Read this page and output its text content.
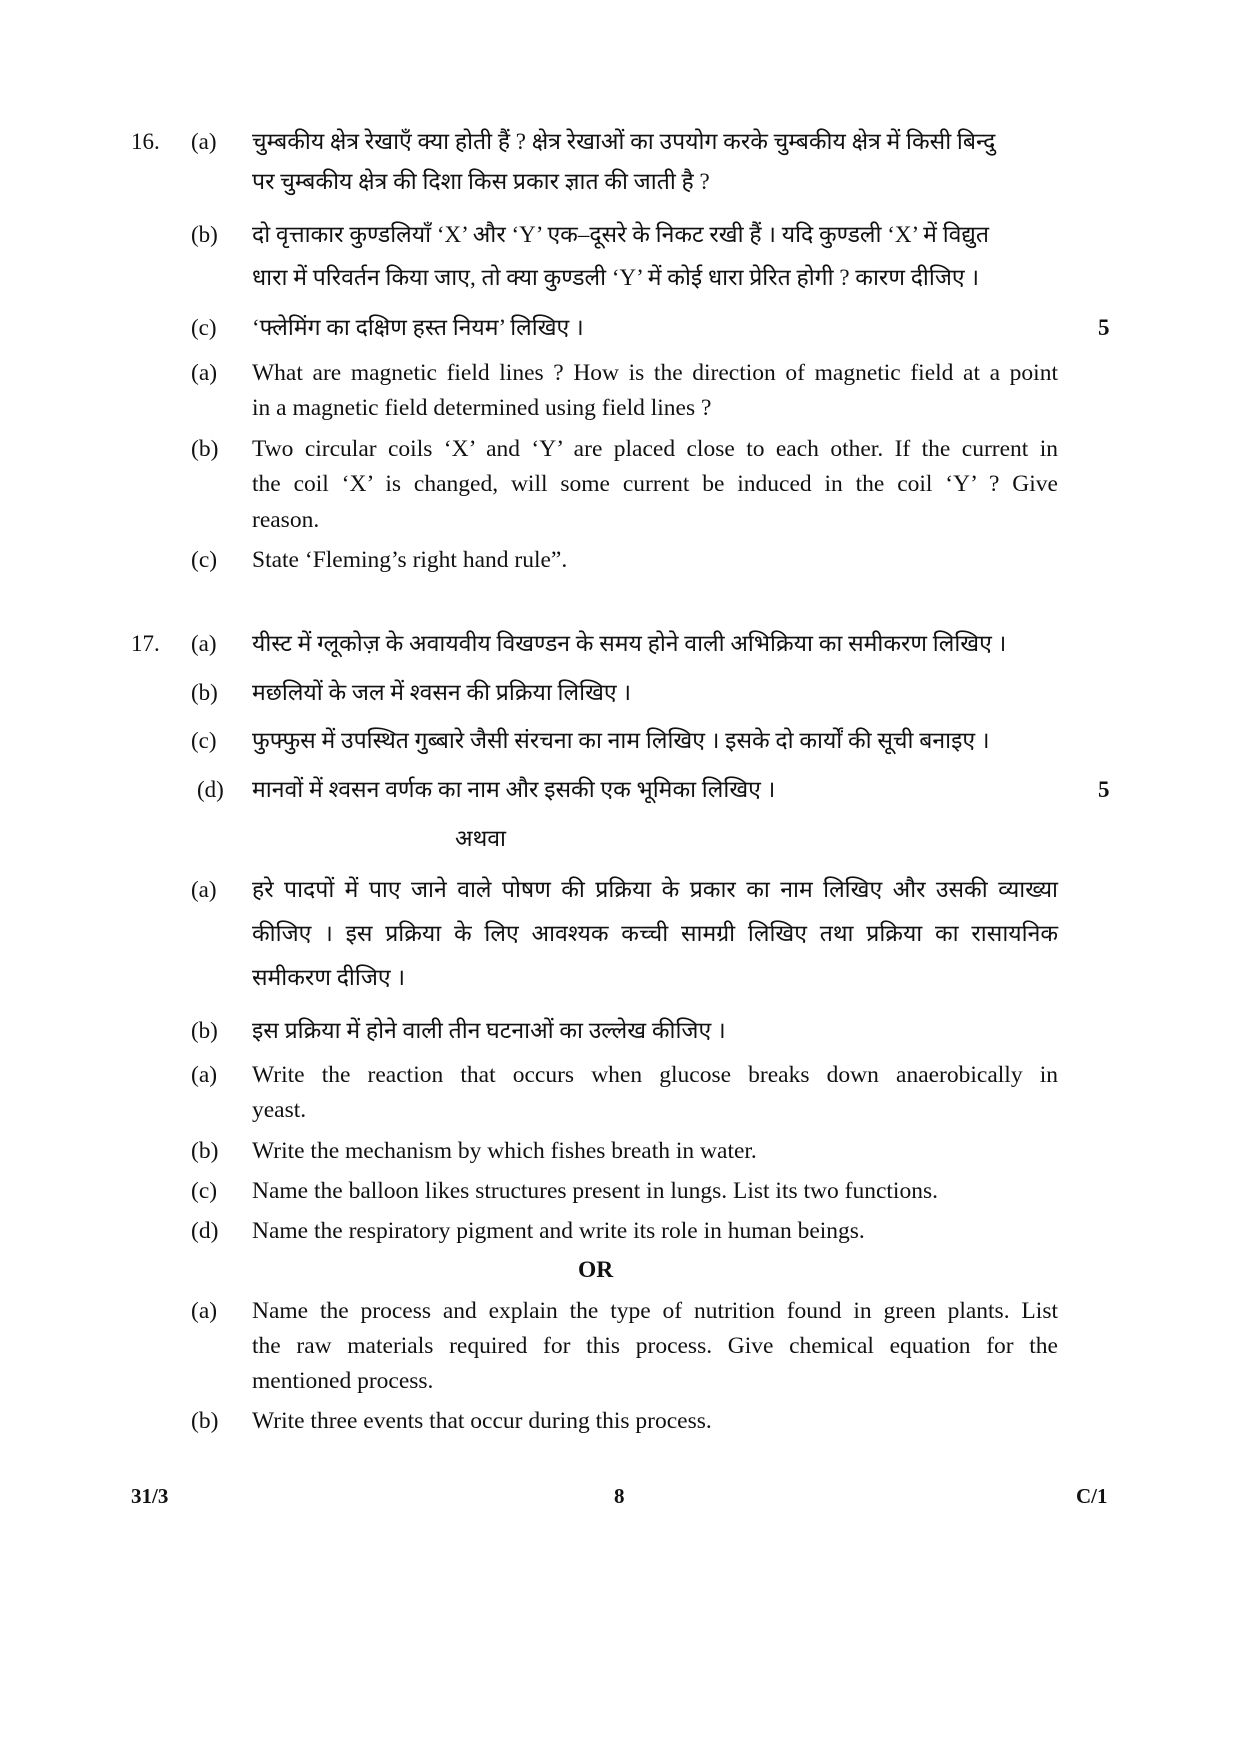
16. (a) चुम्बकीय क्षेत्र रेखाएँ क्या होती हैं ? क्षेत्र रेखाओं का उपयोग करके चुम्बकीय क्षेत्र में किसी बिन्दु
पर चुम्बकीय क्षेत्र की दिशा किस प्रकार ज्ञात की जाती है ?
(b) दो वृत्ताकार कुण्डलियाँ ‘X’ और ‘Y’ एक–दूसरे के निकट रखी हैं । यदि कुण्डली ‘X’ में विद्युत
धारा में परिवर्तन किया जाए, तो क्या कुण्डली ‘Y’ में कोई धारा प्रेरित होगी ? कारण दीजिए ।
(c) ‘फ्लेमिंग का दक्षिण हस्त नियम’ लिखिए ।	5
(a) What are magnetic field lines ? How is the direction of magnetic field at a point
in a magnetic field determined using field lines ?
(b) Two circular coils ‘X’ and ‘Y’ are placed close to each other. If the current in
the coil ‘X’ is changed, will some current be induced in the coil ‘Y’ ? Give
reason.
(c) State ‘Fleming’s right hand rule”.
17. (a) यीस्ट में ग्लूकोज़ के अवायवीय विखण्डन के समय होने वाली अभिक्रिया का समीकरण लिखिए ।
(b) मछलियों के जल में श्वसन की प्रक्रिया लिखिए ।
(c) फुफ्फुस में उपस्थित गुब्बारे जैसी संरचना का नाम लिखिए । इसके दो कार्यों की सूची बनाइए ।
(d) मानवों में श्वसन वर्णक का नाम और इसकी एक भूमिका लिखिए ।	5
अथवा
(a) हरे पादपों में पाए जाने वाले पोषण की प्रक्रिया के प्रकार का नाम लिखिए और उसकी व्याख्या
कीजिए । इस प्रक्रिया के लिए आवश्यक कच्ची सामग्री लिखिए तथा प्रक्रिया का रासायनिक
समीकरण दीजिए ।
(b) इस प्रक्रिया में होने वाली तीन घटनाओं का उल्लेख कीजिए ।
(a) Write the reaction that occurs when glucose breaks down anaerobically in
yeast.
(b) Write the mechanism by which fishes breath in water.
(c) Name the balloon likes structures present in lungs. List its two functions.
(d) Name the respiratory pigment and write its role in human beings.
OR
(a) Name the process and explain the type of nutrition found in green plants. List
the raw materials required for this process. Give chemical equation for the
mentioned process.
(b) Write three events that occur during this process.
31/3	8	C/1
